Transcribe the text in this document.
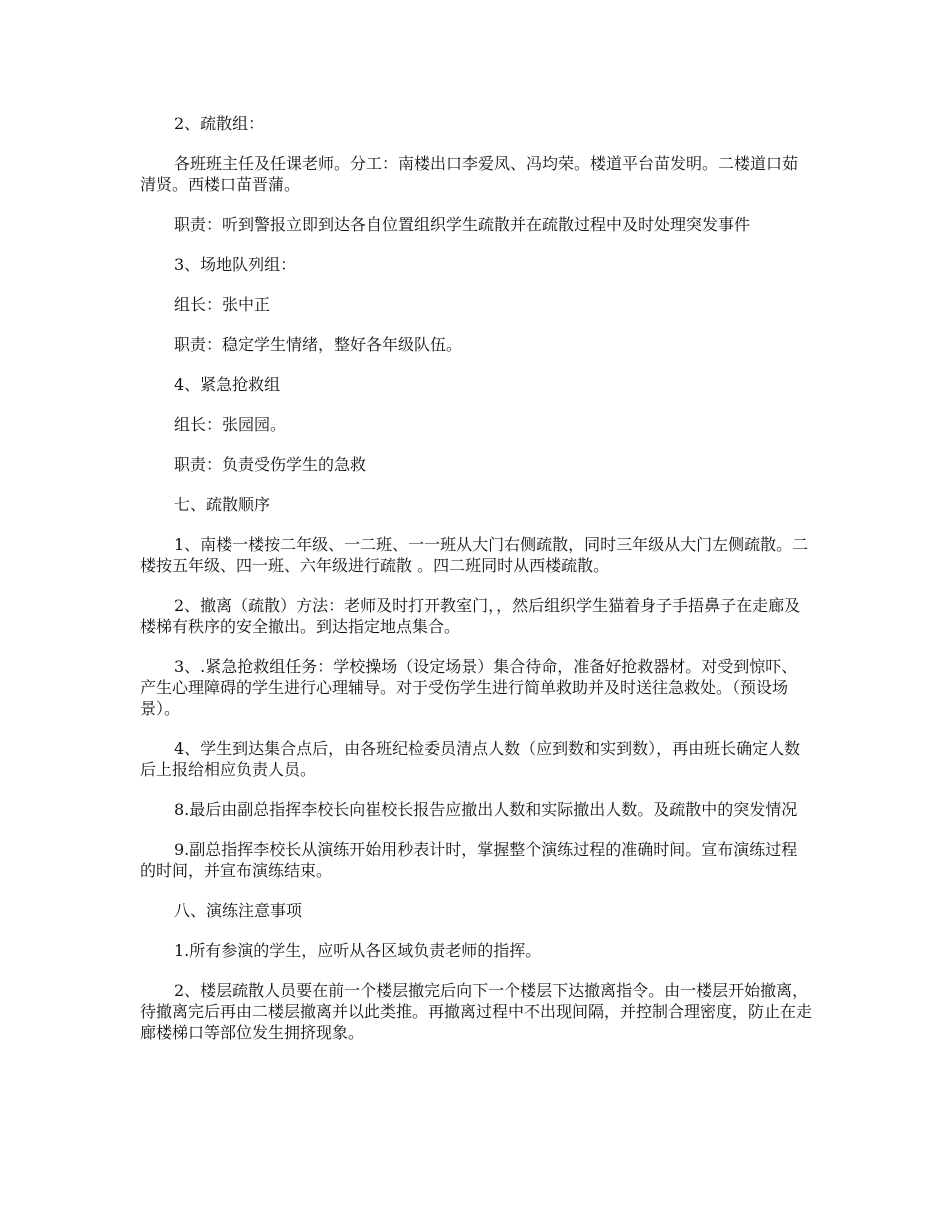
2、疏散组：

各班班主任及任课老师。分工：南楼出口李爱凤、冯均荣。楼道平台苗发明。二楼道口茹清贤。西楼口苗晋蒲。

职责：听到警报立即到达各自位置组织学生疏散并在疏散过程中及时处理突发事件

3、场地队列组：

组长：张中正

职责：稳定学生情绪，整好各年级队伍。

4、紧急抢救组

组长：张园园。

职责：负责受伤学生的急救

七、疏散顺序

1、南楼一楼按二年级、一二班、一一班从大门右侧疏散，同时三年级从大门左侧疏散。二楼按五年级、四一班、六年级进行疏散 。四二班同时从西楼疏散。

2、撤离（疏散）方法：老师及时打开教室门，，然后组织学生猫着身子手捂鼻子在走廊及楼梯有秩序的安全撤出。到达指定地点集合。

3、.紧急抢救组任务：学校操场（设定场景）集合待命，准备好抢救器材。对受到惊吓、产生心理障碍的学生进行心理辅导。对于受伤学生进行简单救助并及时送往急救处。（预设场景）。

4、学生到达集合点后，由各班纪检委员清点人数（应到数和实到数），再由班长确定人数后上报给相应负责人员。

8.最后由副总指挥李校长向崔校长报告应撤出人数和实际撤出人数。及疏散中的突发情况

9.副总指挥李校长从演练开始用秒表计时，掌握整个演练过程的准确时间。宣布演练过程的时间，并宣布演练结束。

八、演练注意事项

1.所有参演的学生，应听从各区域负责老师的指挥。

2、楼层疏散人员要在前一个楼层撤完后向下一个楼层下达撤离指令。由一楼层开始撤离，待撤离完后再由二楼层撤离并以此类推。再撤离过程中不出现间隔，并控制合理密度，防止在走廊楼梯口等部位发生拥挤现象。
